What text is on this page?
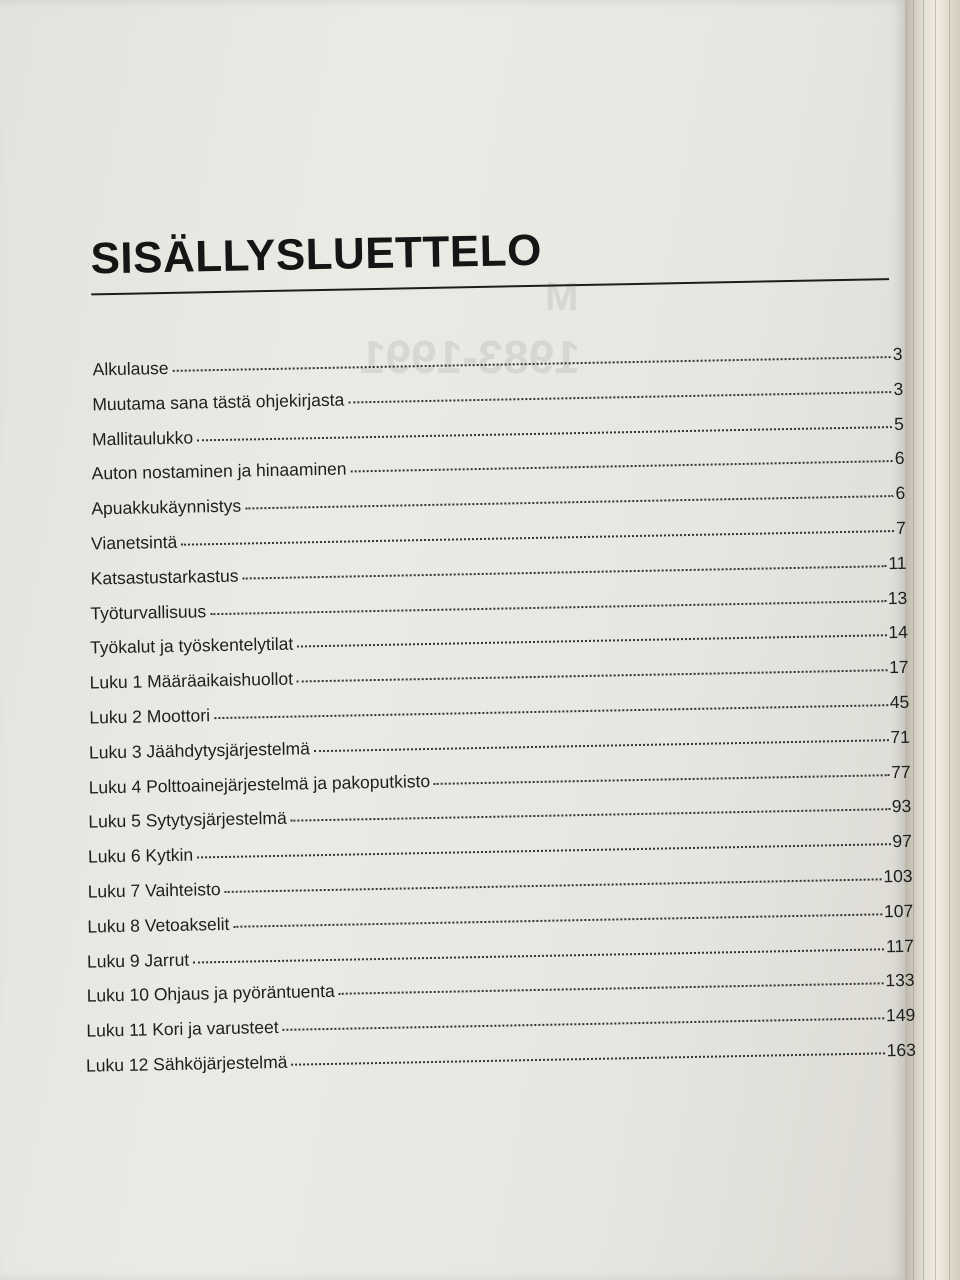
1983-1991
M
SISÄLLYSLUETTELO
Alkulause
3
Muutama sana tästä ohjekirjasta
3
Mallitaulukko
5
Auton nostaminen ja hinaaminen
6
Apuakkukäynnistys
6
Vianetsintä
7
Katsastustarkastus
11
Työturvallisuus
13
Työkalut ja työskentelytilat
14
Luku 1 Määräaikaishuollot
17
Luku 2 Moottori
45
Luku 3 Jäähdytysjärjestelmä
71
Luku 4 Polttoainejärjestelmä ja pakoputkisto	77
Luku 5 Sytytysjärjestelmä
93
Luku 6 Kytkin
97
Luku 7 Vaihteisto
103
Luku 8 Vetoakselit
107
Luku 9 Jarrut
117
Luku 10 Ohjaus ja pyöräntuenta
133
Luku 11 Kori ja varusteet
149
Luku 12 Sähköjärjestelmä
163
